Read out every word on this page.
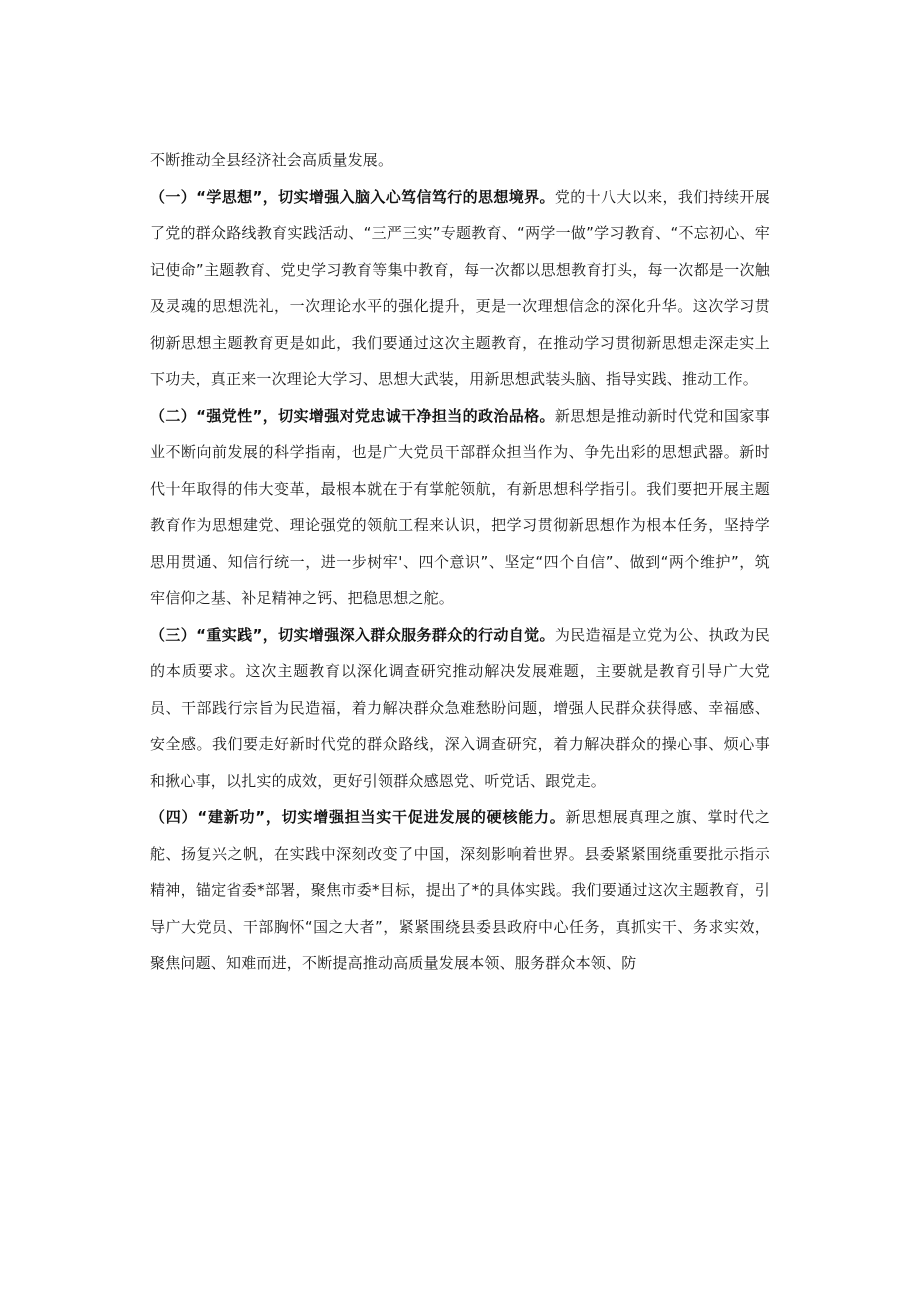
不断推动全县经济社会高质量发展。

（一）“学思想”，切实增强入脑入心笃信笃行的思想境界。党的十八大以来，我们持续开展了党的群众路线教育实践活动、“三严三实”专题教育、“两学一做”学习教育、“不忘初心、牢记使命”主题教育、党史学习教育等集中教育，每一次都以思想教育打头，每一次都是一次触及灵魂的思想洗礼，一次理论水平的强化提升，更是一次理想信念的深化升华。这次学习贯彻新思想主题教育更是如此，我们要通过这次主题教育，在推动学习贯彻新思想走深走实上下功夫，真正来一次理论大学习、思想大武装，用新思想武装头脑、指导实践、推动工作。

（二）“强党性”，切实增强对党忠诚干净担当的政治品格。新思想是推动新时代党和国家事业不断向前发展的科学指南，也是广大党员干部群众担当作为、争先出彩的思想武器。新时代十年取得的伟大变革，最根本就在于有掌舵领航，有新思想科学指引。我们要把开展主题教育作为思想建党、理论强党的领航工程来认识，把学习贯彻新思想作为根本任务，坚持学思用贯通、知信行统一，进一步树牢'、四个意识”、坚定“四个自信”、做到“两个维护”，筑牢信仰之基、补足精神之钙、把稳思想之舵。

（三）“重实践”，切实增强深入群众服务群众的行动自觉。为民造福是立党为公、执政为民的本质要求。这次主题教育以深化调查研究推动解决发展难题，主要就是教育引导广大党员、干部践行宗旨为民造福，着力解决群众急难愁盼问题，增强人民群众获得感、幸福感、安全感。我们要走好新时代党的群众路线，深入调查研究，着力解决群众的操心事、烦心事和揪心事，以扎实的成效，更好引领群众感恩党、听党话、跟党走。

（四）“建新功”，切实增强担当实干促进发展的硬核能力。新思想展真理之旗、掌时代之舵、扬复兴之帆，在实践中深刻改变了中国，深刻影响着世界。县委紧紧围绕重要批示指示精神，锚定省委*部署，聚焦市委*目标，提出了*的具体实践。我们要通过这次主题教育，引导广大党员、干部胸怀“国之大者”，紧紧围绕县委县政府中心任务，真抓实干、务求实效，聚焦问题、知难而进，不断提高推动高质量发展本领、服务群众本领、防
